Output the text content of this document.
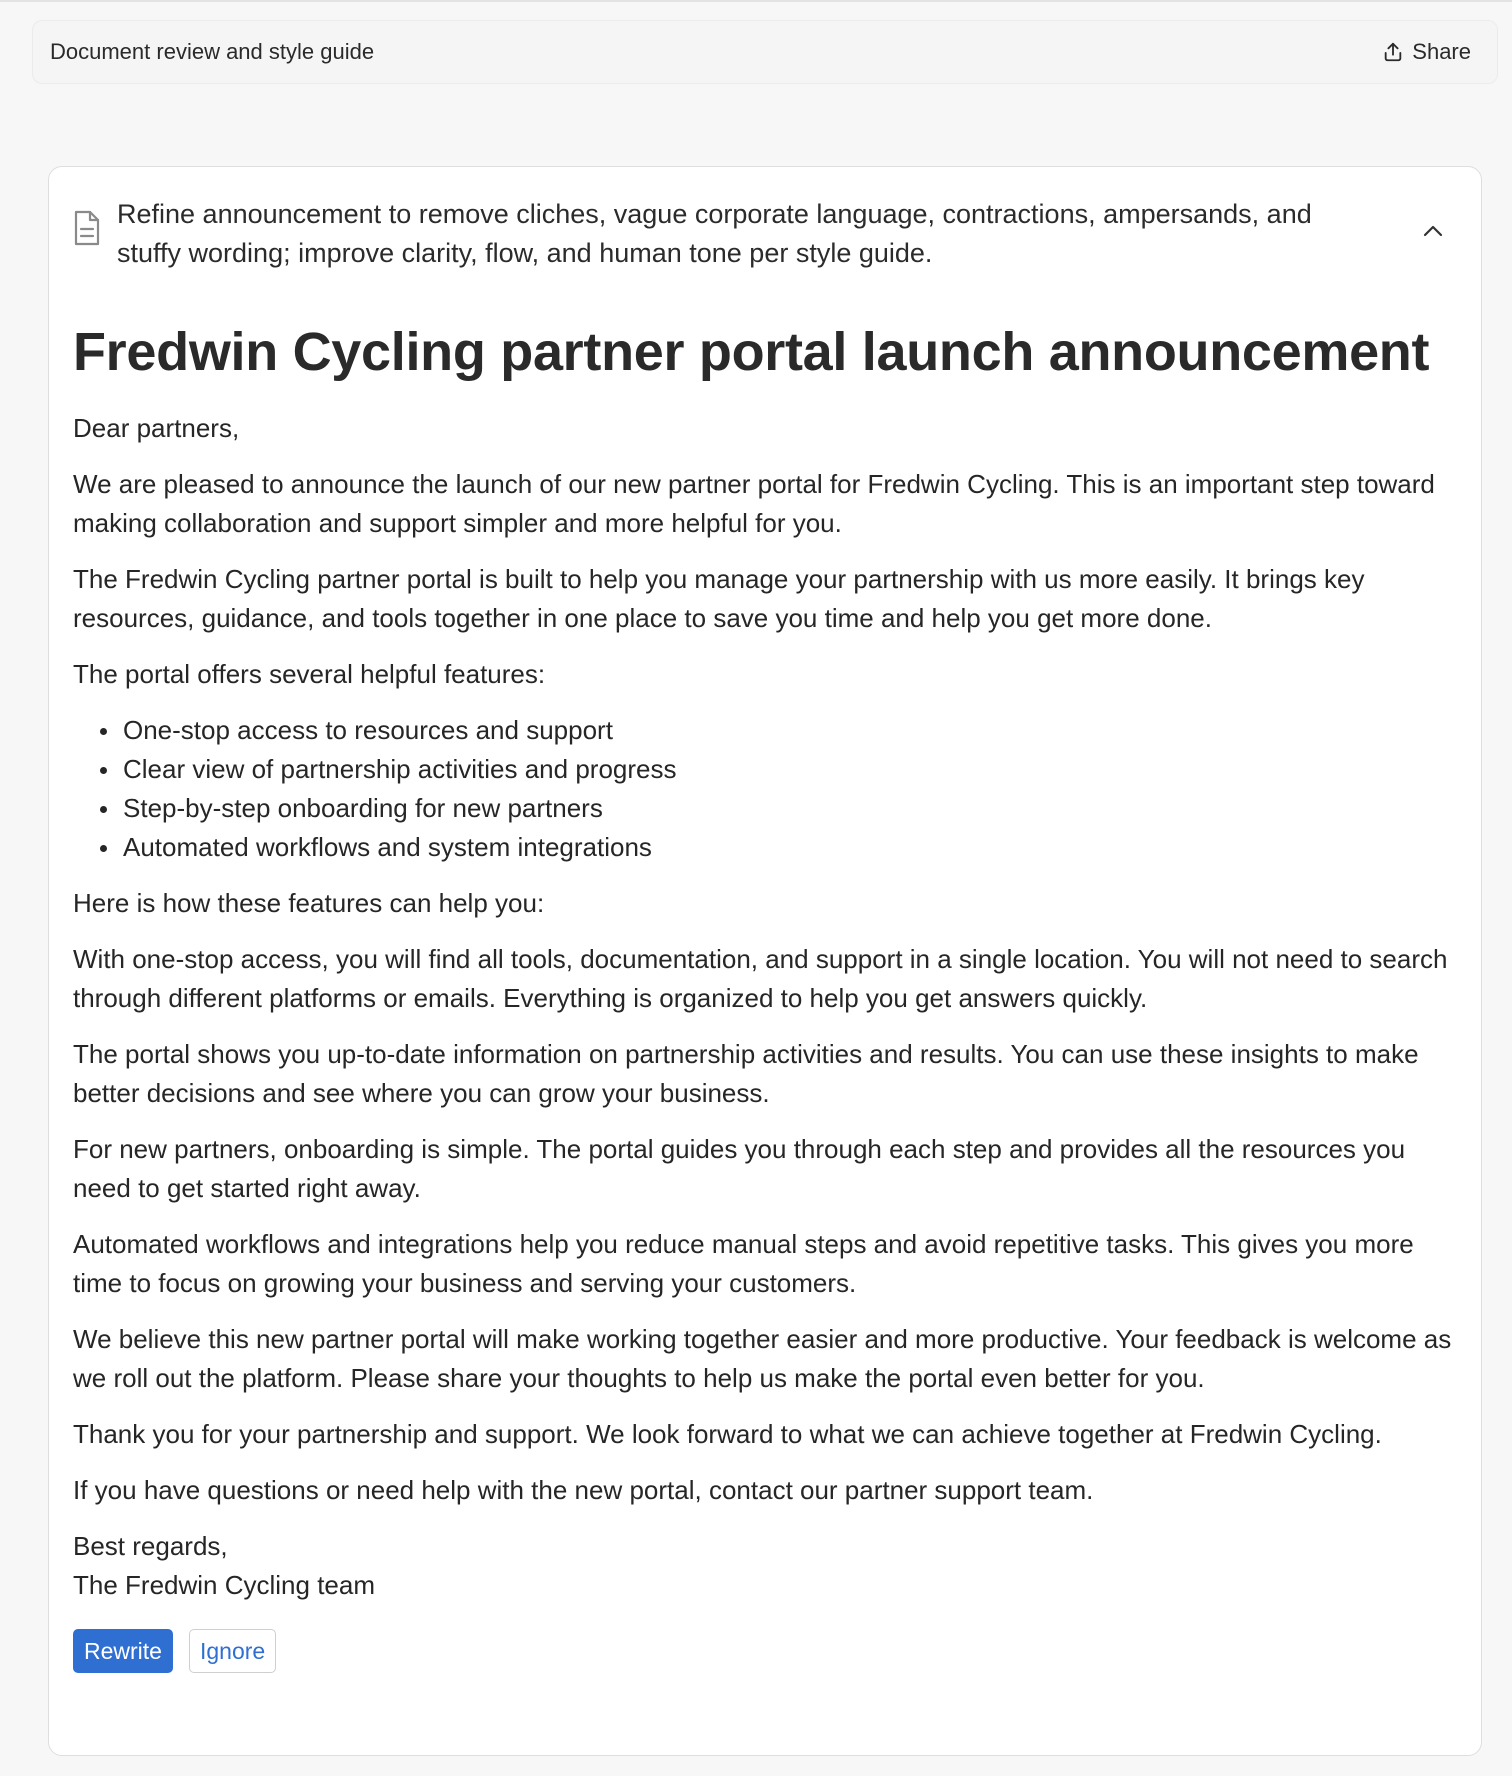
Document review and style guide	Share
Refine announcement to remove cliches, vague corporate language, contractions, ampersands, and stuffy wording; improve clarity, flow, and human tone per style guide.
Fredwin Cycling partner portal launch announcement

Dear partners,

We are pleased to announce the launch of our new partner portal for Fredwin Cycling. This is an important step toward making collaboration and support simpler and more helpful for you.

The Fredwin Cycling partner portal is built to help you manage your partnership with us more easily. It brings key resources, guidance, and tools together in one place to save you time and help you get more done.

The portal offers several helpful features:

One-stop access to resources and support
Clear view of partnership activities and progress
Step-by-step onboarding for new partners
Automated workflows and system integrations

Here is how these features can help you:

With one-stop access, you will find all tools, documentation, and support in a single location. You will not need to search through different platforms or emails. Everything is organized to help you get answers quickly.

The portal shows you up-to-date information on partnership activities and results. You can use these insights to make better decisions and see where you can grow your business.

For new partners, onboarding is simple. The portal guides you through each step and provides all the resources you need to get started right away.

Automated workflows and integrations help you reduce manual steps and avoid repetitive tasks. This gives you more time to focus on growing your business and serving your customers.

We believe this new partner portal will make working together easier and more productive. Your feedback is welcome as we roll out the platform. Please share your thoughts to help us make the portal even better for you.

Thank you for your partnership and support. We look forward to what we can achieve together at Fredwin Cycling.

If you have questions or need help with the new portal, contact our partner support team.

Best regards,
The Fredwin Cycling team

Rewrite	Ignore
